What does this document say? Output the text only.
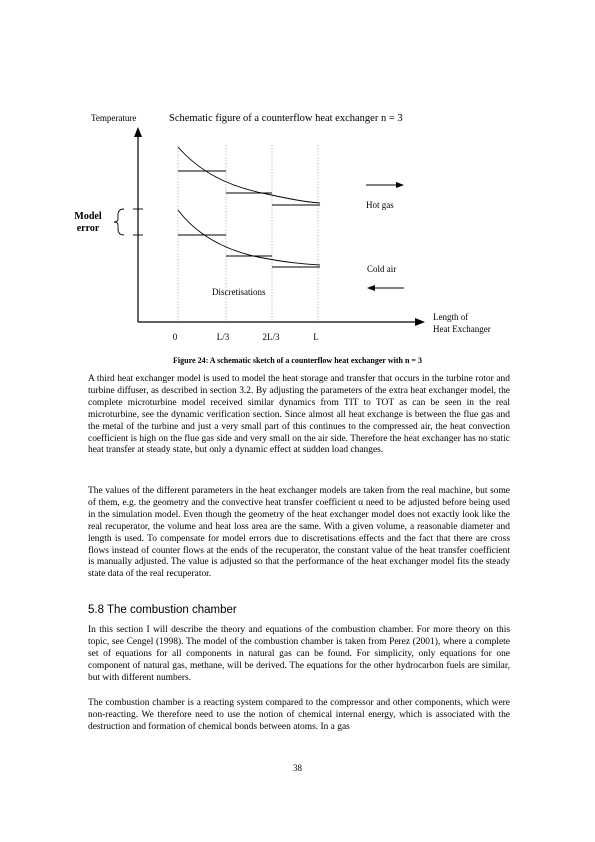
Temperature	Schematic figure of a counterflow heat exchanger n = 3
Model
error
Hot gas
Cold air
Discretisations
Length of
Heat Exchanger
0	L/3	2L/3	L
Figure 24: A schematic sketch of a counterflow heat exchanger with n = 3

A third heat exchanger model is used to model the heat storage and transfer that occurs in the turbine rotor and turbine diffuser, as described in section 3.2. By adjusting the parameters of the extra heat exchanger model, the complete microturbine model received similar dynamics from TIT to TOT as can be seen in the real microturbine, see the dynamic verification section. Since almost all heat exchange is between the flue gas and the metal of the turbine and just a very small part of this continues to the compressed air, the heat convection coefficient is high on the flue gas side and very small on the air side. Therefore the heat exchanger has no static heat transfer at steady state, but only a dynamic effect at sudden load changes.

The values of the different parameters in the heat exchanger models are taken from the real machine, but some of them, e.g. the geometry and the convective heat transfer coefficient α need to be adjusted before being used in the simulation model. Even though the geometry of the heat exchanger model does not exactly look like the real recuperator, the volume and heat loss area are the same. With a given volume, a reasonable diameter and length is used. To compensate for model errors due to discretisations effects and the fact that there are cross flows instead of counter flows at the ends of the recuperator, the constant value of the heat transfer coefficient is manually adjusted. The value is adjusted so that the performance of the heat exchanger model fits the steady state data of the real recuperator.

5.8 The combustion chamber

In this section I will describe the theory and equations of the combustion chamber. For more theory on this topic, see Cengel (1998). The model of the combustion chamber is taken from Perez (2001), where a complete set of equations for all components in natural gas can be found. For simplicity, only equations for one component of natural gas, methane, will be derived. The equations for the other hydrocarbon fuels are similar, but with different numbers.

The combustion chamber is a reacting system compared to the compressor and other components, which were non-reacting. We therefore need to use the notion of chemical internal energy, which is associated with the destruction and formation of chemical bonds between atoms. In a gas

38
